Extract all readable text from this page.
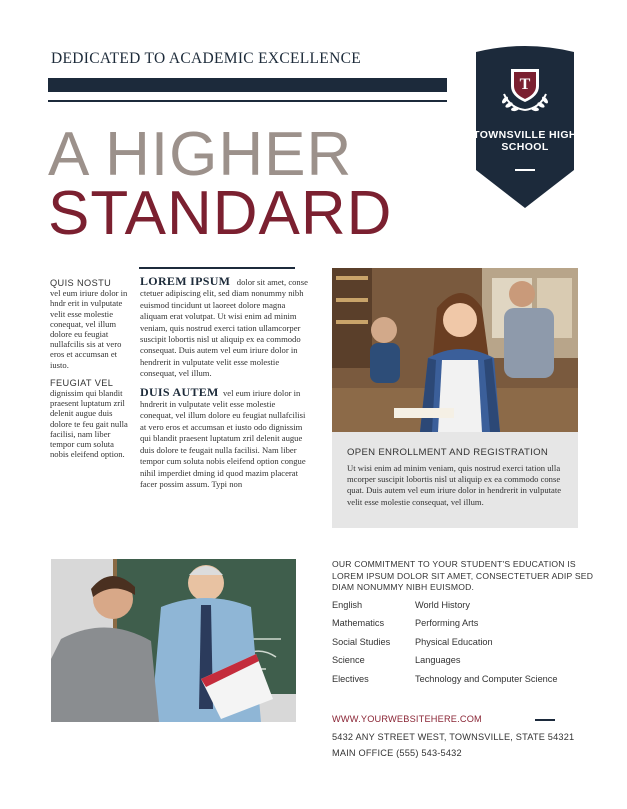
DEDICATED TO ACADEMIC EXCELLENCE
A HIGHER
STANDARD
T
TOWNSVILLE HIGH SCHOOL

QUIS NOSTU
vel eum iriure dolor in hndr erit in vulputate velit esse molestie conequat, vel illum dolore eu feugiat nullafcilis sis at vero eros et accumsan et iusto.

FEUGIAT VEL
dignissim qui blandit praesent luptatum zril delenit augue duis dolore te feu gait nulla facilisi, nam liber tempor cum soluta nobis eleifend option.

LOREM IPSUM dolor sit amet, conse ctetuer adipiscing elit, sed diam nonummy nibh euismod tincidunt ut laoreet dolore magna aliquam erat volutpat. Ut wisi enim ad minim veniam, quis nostrud exerci tation ullamcorper suscipit lobortis nisl ut aliquip ex ea commodo consequat. Duis autem vel eum iriure dolor in hendrerit in vulputate velit esse molestie consequat, vel illum.

DUIS AUTEM vel eum iriure dolor in hndrerit in vulputate velit esse molestie conequat, vel illum dolore eu feugiat nullafcilisi at vero eros et accumsan et iusto odo dignissim qui blandit praesent luptatum zril delenit augue duis dolore te feugait nulla facilisi. Nam liber tempor cum soluta nobis eleifend option congue nihil imperdiet dming id quod mazim placerat facer possim assum. Typi non

OPEN ENROLLMENT AND REGISTRATION
Ut wisi enim ad minim veniam, quis nostrud exerci tation ulla mcorper suscipit lobortis nisl ut aliquip ex ea commodo conse quat. Duis autem vel eum iriure dolor in hendrerit in vulputate velit esse molestie consequat, vel illum.
OUR COMMITMENT TO YOUR STUDENT'S EDUCATION IS LOREM IPSUM DOLOR SIT AMET, CONSECTETUER ADIP SED DIAM NONUMMY NIBH EUISMOD.
English	World History
Mathematics	Performing Arts
Social Studies	Physical Education
Science	Languages
Electives	Technology and Computer Science
WWW.YOURWEBSITEHERE.COM
5432 ANY STREET WEST, TOWNSVILLE, STATE 54321
MAIN OFFICE (555) 543-5432
